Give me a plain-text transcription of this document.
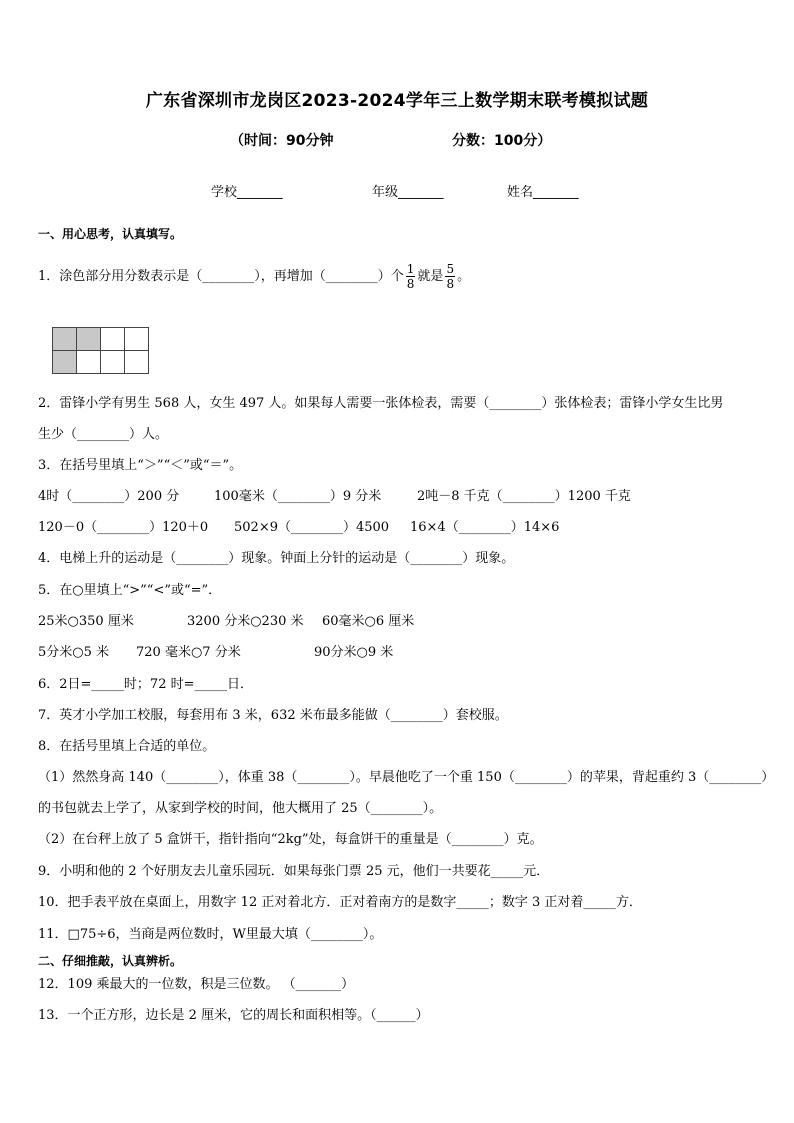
广东省深圳市龙岗区2023-2024学年三上数学期末联考模拟试题
（时间：90分钟	分数：100分）
学校_______	年级_______	姓名_______
一、用心思考，认真填写。
1．涂色部分用分数表示是（________），再增加（________）个 $\frac{1}{8}$ 就是 $\frac{5}{8}$ 。

2．雷锋小学有男生 568 人，女生 497 人。如果每人需要一张体检表，需要（________）张体检表；雷锋小学女生比男
生少（________）人。
3．在括号里填上“＞”“＜”或“＝”。
4时（________）200 分	100毫米（________）9 分米	2吨－8 千克（________）1200 千克
120－0（________）120＋0 502×9（________）4500 16×4（________）14×6
4．电梯上升的运动是（________）现象。钟面上分针的运动是（________）现象。
5．在○里填上“>”“<”或“=”．
25米○350 厘米	3200 分米○230 米 60毫米○6 厘米
5分米○5 米 720 毫米○7 分米	90分米○9 米
6．2日=_____时；72 时=_____日．
7．英才小学加工校服，每套用布 3 米，632 米布最多能做（________）套校服。
8．在括号里填上合适的单位。
（1）然然身高 140（________），体重 38（________）。早晨他吃了一个重 150（________）的苹果，背起重约 3（________）
的书包就去上学了，从家到学校的时间，他大概用了 25（________）。
（2）在台秤上放了 5 盒饼干，指针指向“2kg”处，每盒饼干的重量是（________）克。
9．小明和他的 2 个好朋友去儿童乐园玩．如果每张门票 25 元，他们一共要花_____元．
10．把手表平放在桌面上，用数字 12 正对着北方．正对着南方的是数字_____；数字 3 正对着_____方．
11．□75÷6，当商是两位数时，W里最大填（________）。
二、仔细推敲，认真辨析。
12．109 乘最大的一位数，积是三位数。 （_______）
13．一个正方形，边长是 2 厘米，它的周长和面积相等。（______）
